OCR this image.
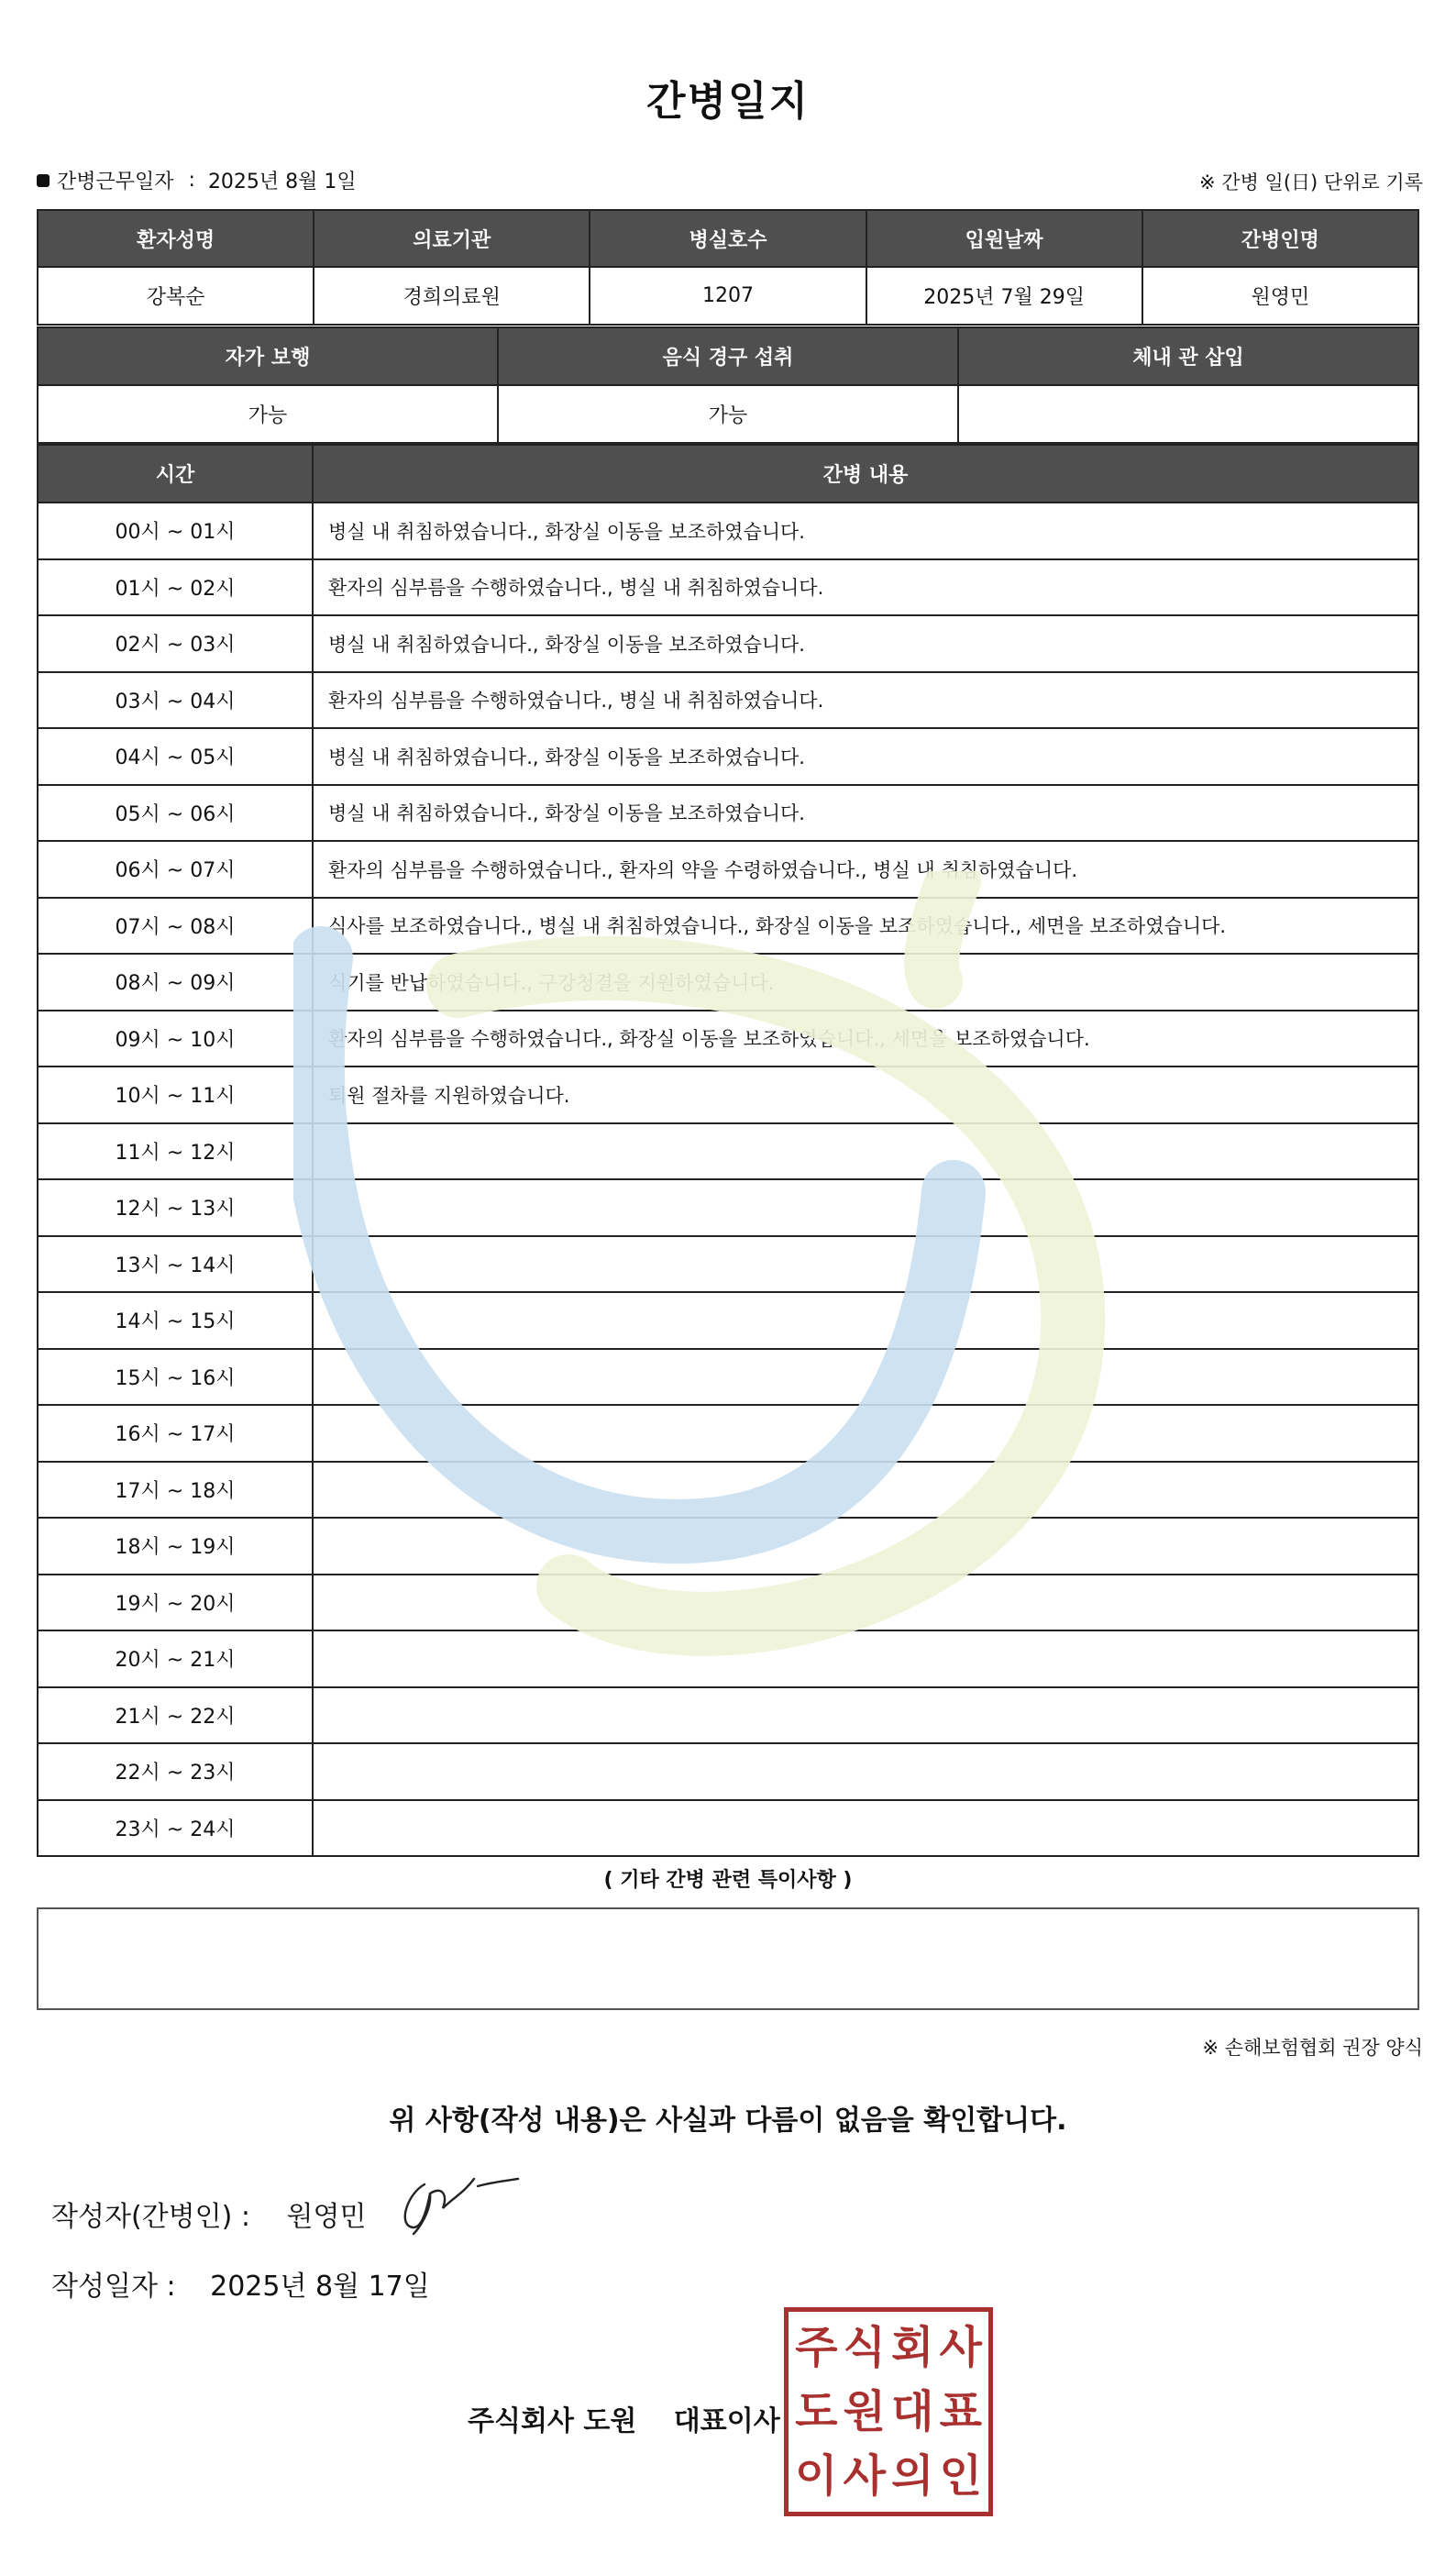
간병일지
간병근무일자 : 2025년 8월 1일	※ 간병 일(日) 단위로 기록
환자성명	의료기관	병실호수	입원날짜	간병인명
강복순	경희의료원	1207	2025년 7월 29일	원영민
자가 보행	음식 경구 섭취	체내 관 삽입
가능	가능	
시간	간병 내용
00시 ~ 01시	병실 내 취침하였습니다., 화장실 이동을 보조하였습니다.
01시 ~ 02시	환자의 심부름을 수행하였습니다., 병실 내 취침하였습니다.
02시 ~ 03시	병실 내 취침하였습니다., 화장실 이동을 보조하였습니다.
03시 ~ 04시	환자의 심부름을 수행하였습니다., 병실 내 취침하였습니다.
04시 ~ 05시	병실 내 취침하였습니다., 화장실 이동을 보조하였습니다.
05시 ~ 06시	병실 내 취침하였습니다., 화장실 이동을 보조하였습니다.
06시 ~ 07시	환자의 심부름을 수행하였습니다., 환자의 약을 수령하였습니다., 병실 내 취침하였습니다.
07시 ~ 08시	식사를 보조하였습니다., 병실 내 취침하였습니다., 화장실 이동을 보조하였습니다., 세면을 보조하였습니다.
08시 ~ 09시	식기를 반납하였습니다., 구강청결을 지원하였습니다.
09시 ~ 10시	환자의 심부름을 수행하였습니다., 화장실 이동을 보조하였습니다., 세면을 보조하였습니다.
10시 ~ 11시	퇴원 절차를 지원하였습니다.
11시 ~ 12시	
12시 ~ 13시	
13시 ~ 14시	
14시 ~ 15시	
15시 ~ 16시	
16시 ~ 17시	
17시 ~ 18시	
18시 ~ 19시	
19시 ~ 20시	
20시 ~ 21시	
21시 ~ 22시	
22시 ~ 23시	
23시 ~ 24시	
( 기타 간병 관련 특이사항 )
※ 손해보험협회 권장 양식
위 사항(작성 내용)은 사실과 다름이 없음을 확인합니다.
작성자(간병인) : 원영민
작성일자 : 2025년 8월 17일
주식회사 도원 대표이사
주 식 회 사
도 원 대 표
이 사 의 인
